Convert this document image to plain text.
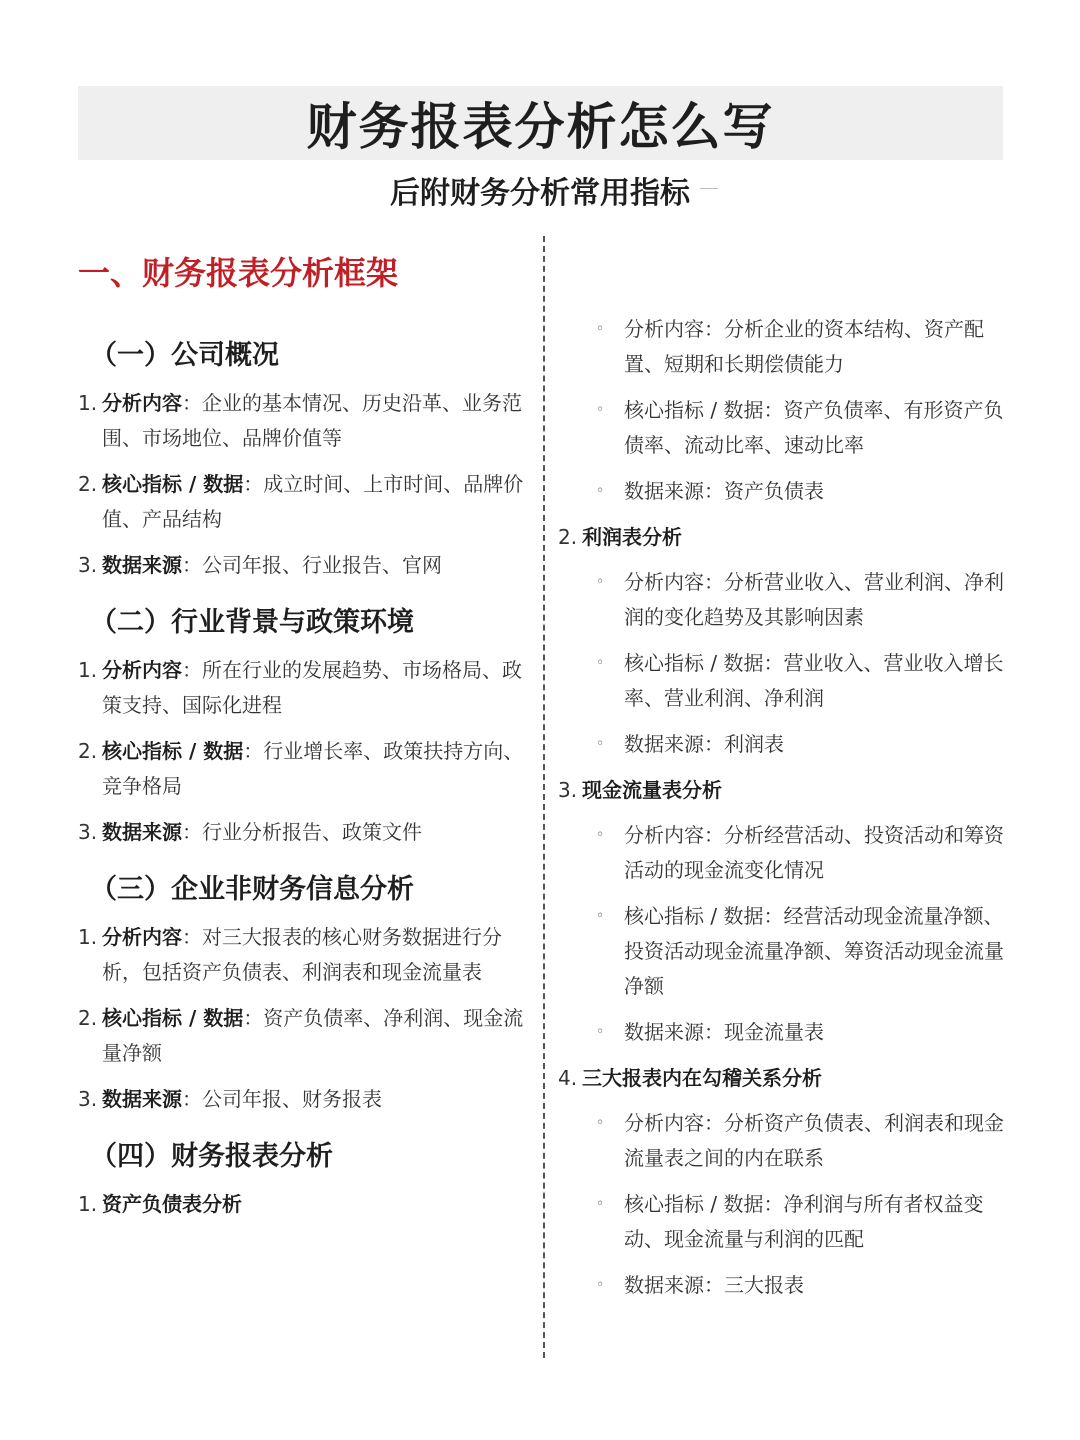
财务报表分析怎么写
后附财务分析常用指标
一、财务报表分析框架
（一）公司概况
1. 分析内容：企业的基本情况、历史沿革、业务范围、市场地位、品牌价值等
2. 核心指标 / 数据：成立时间、上市时间、品牌价值、产品结构
3. 数据来源：公司年报、行业报告、官网
（二）行业背景与政策环境
1. 分析内容：所在行业的发展趋势、市场格局、政策支持、国际化进程
2. 核心指标 / 数据：行业增长率、政策扶持方向、竞争格局
3. 数据来源：行业分析报告、政策文件
（三）企业非财务信息分析
1. 分析内容：对三大报表的核心财务数据进行分析，包括资产负债表、利润表和现金流量表
2. 核心指标 / 数据：资产负债率、净利润、现金流量净额
3. 数据来源：公司年报、财务报表
（四）财务报表分析
1. 资产负债表分析
◦ 分析内容：分析企业的资本结构、资产配置、短期和长期偿债能力
◦ 核心指标 / 数据：资产负债率、有形资产负债率、流动比率、速动比率
◦ 数据来源：资产负债表
2. 利润表分析
◦ 分析内容：分析营业收入、营业利润、净利润的变化趋势及其影响因素
◦ 核心指标 / 数据：营业收入、营业收入增长率、营业利润、净利润
◦ 数据来源：利润表
3. 现金流量表分析
◦ 分析内容：分析经营活动、投资活动和筹资活动的现金流变化情况
◦ 核心指标 / 数据：经营活动现金流量净额、投资活动现金流量净额、筹资活动现金流量净额
◦ 数据来源：现金流量表
4. 三大报表内在勾稽关系分析
◦ 分析内容：分析资产负债表、利润表和现金流量表之间的内在联系
◦ 核心指标 / 数据：净利润与所有者权益变动、现金流量与利润的匹配
◦ 数据来源：三大报表
